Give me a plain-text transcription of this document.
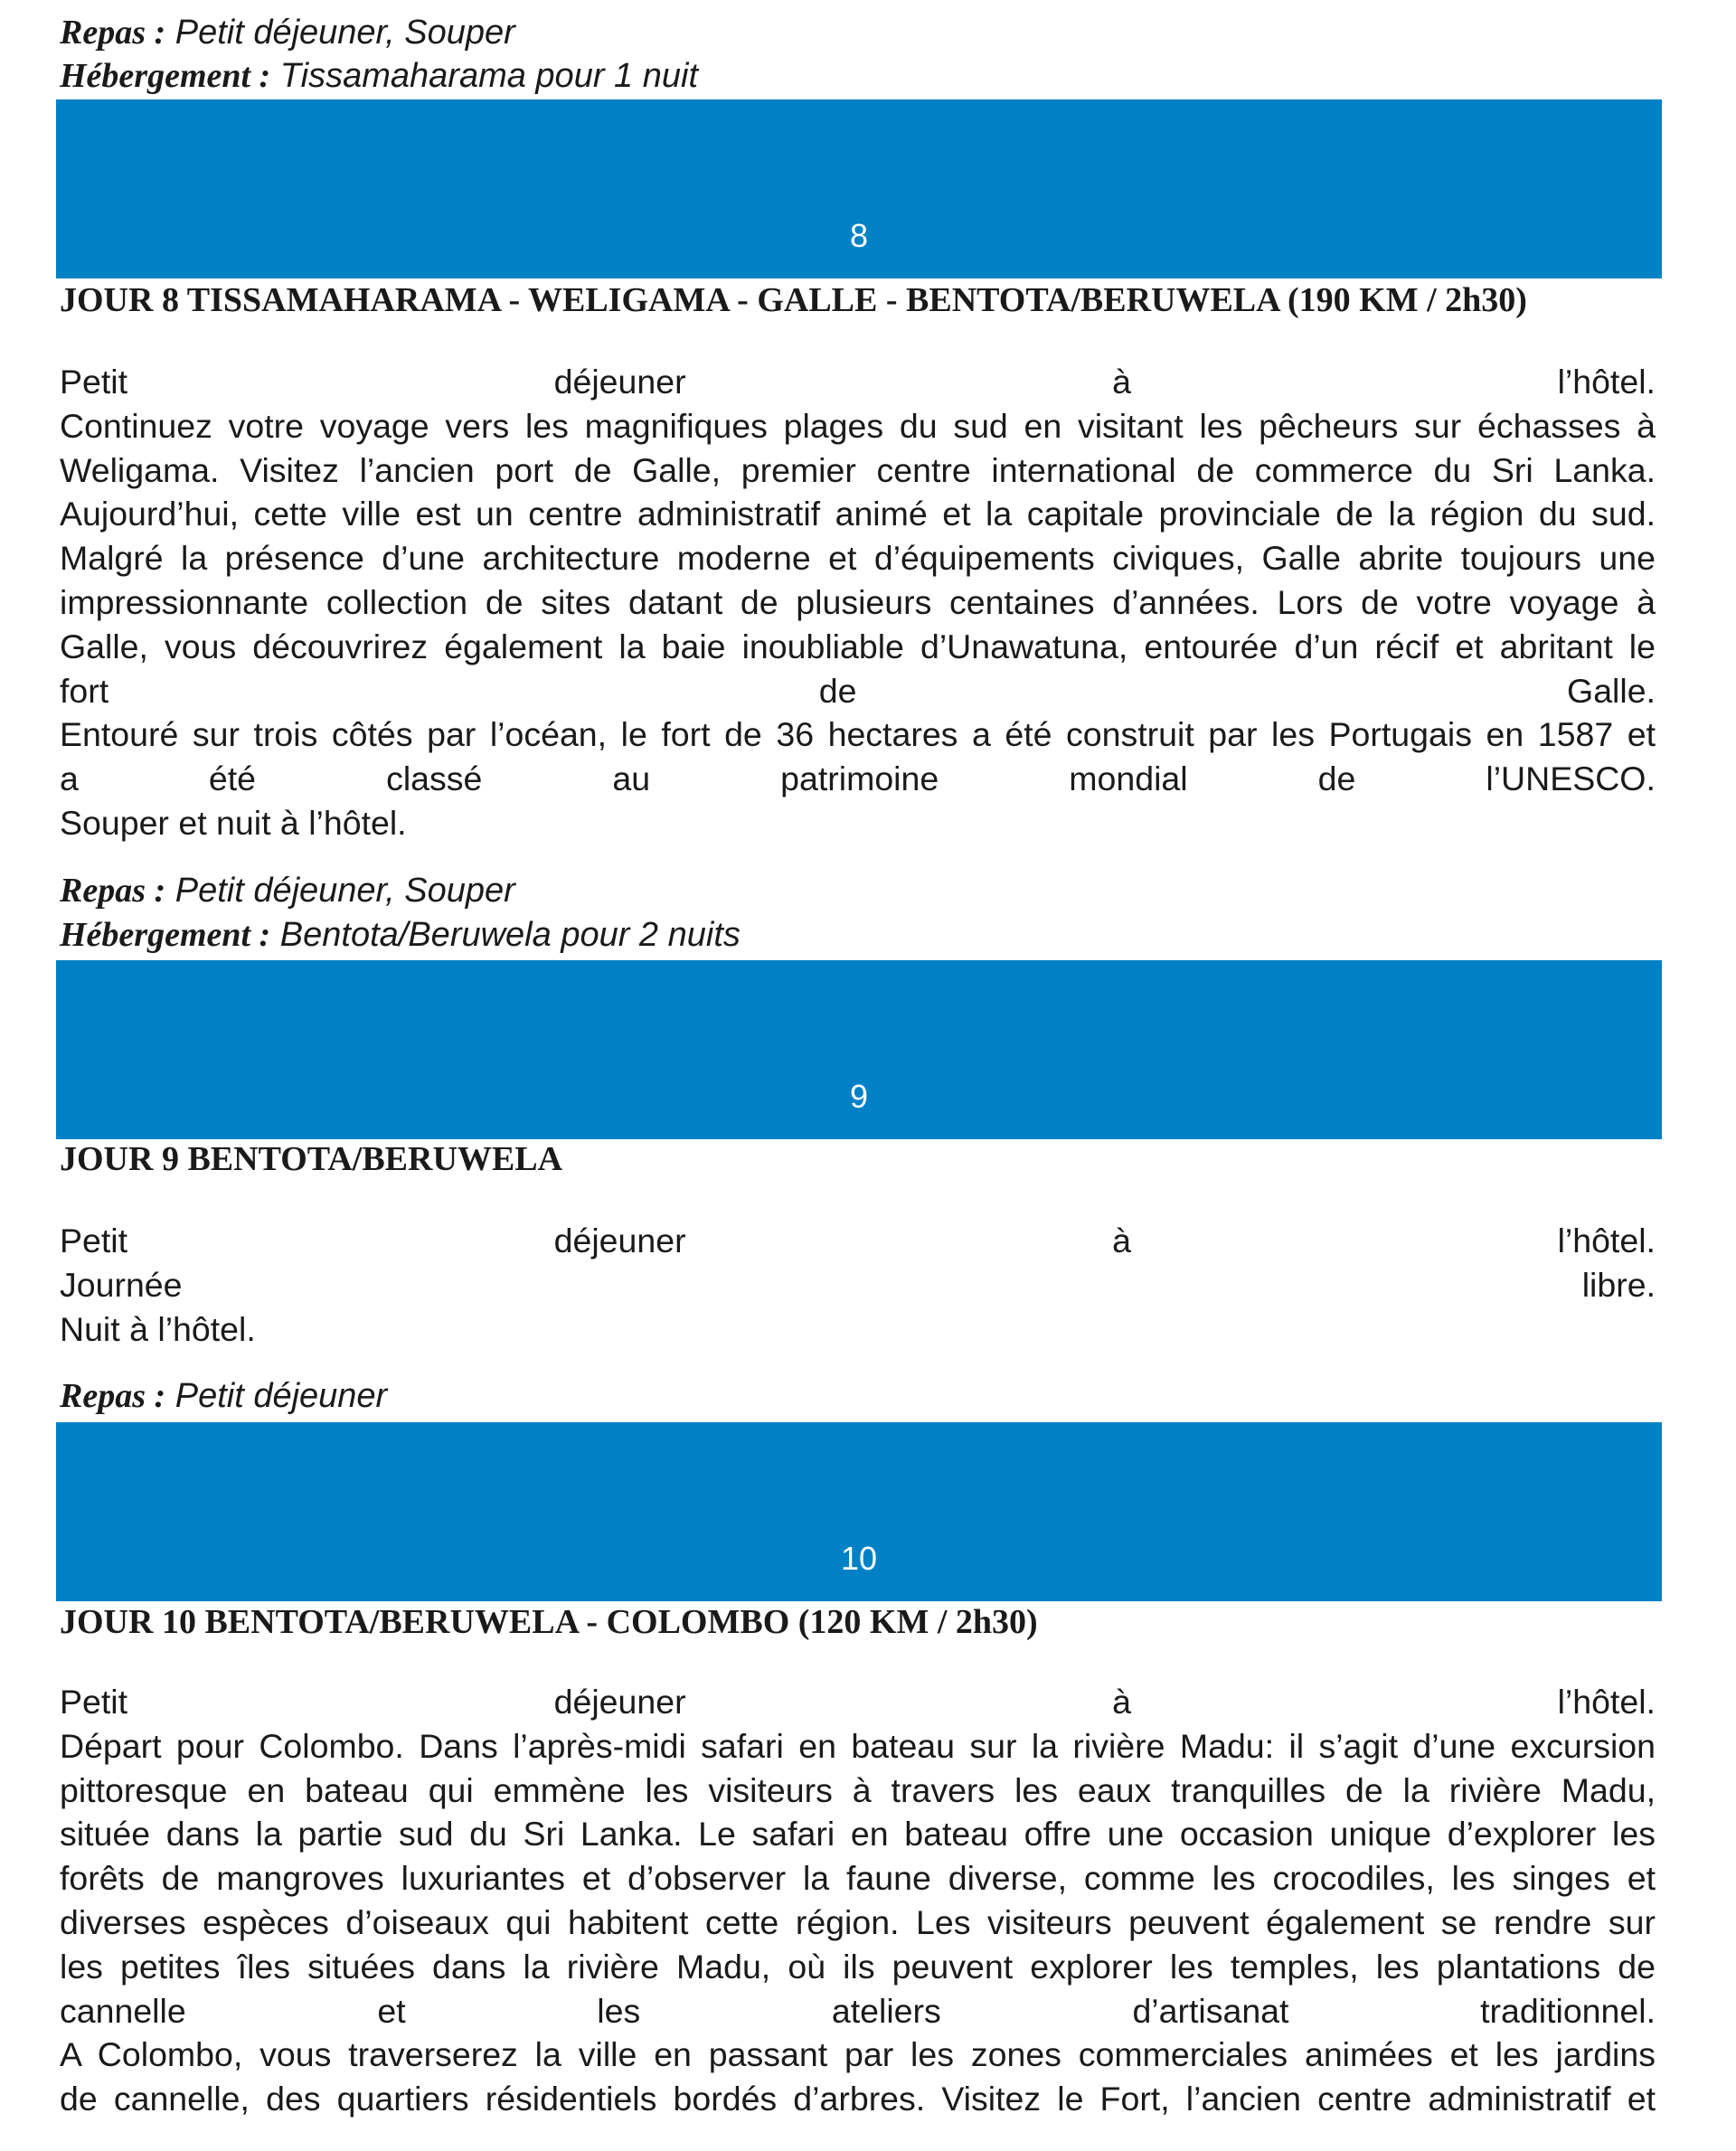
Repas : Petit déjeuner, Souper
Hébergement : Tissamaharama pour 1 nuit
8
JOUR 8 TISSAMAHARAMA - WELIGAMA - GALLE - BENTOTA/BERUWELA (190 KM / 2h30)
Petit	déjeuner	à	l’hôtel.
Continuez votre voyage vers les magnifiques plages du sud en visitant les pêcheurs sur échasses à
Weligama. Visitez l’ancien port de Galle, premier centre international de commerce du Sri Lanka.
Aujourd’hui, cette ville est un centre administratif animé et la capitale provinciale de la région du sud.
Malgré la présence d’une architecture moderne et d’équipements civiques, Galle abrite toujours une
impressionnante collection de sites datant de plusieurs centaines d’années. Lors de votre voyage à
Galle, vous découvrirez également la baie inoubliable d’Unawatuna, entourée d’un récif et abritant le
fort	de	Galle.
Entouré sur trois côtés par l’océan, le fort de 36 hectares a été construit par les Portugais en 1587 et
a	été	classé	au	patrimoine	mondial	de	l’UNESCO.
Souper et nuit à l’hôtel.
Repas : Petit déjeuner, Souper
Hébergement : Bentota/Beruwela pour 2 nuits
9
JOUR 9 BENTOTA/BERUWELA
Petit	déjeuner	à	l’hôtel.
Journée	libre.
Nuit à l’hôtel.
Repas : Petit déjeuner
10
JOUR 10 BENTOTA/BERUWELA - COLOMBO (120 KM / 2h30)
Petit	déjeuner	à	l’hôtel.
Départ pour Colombo. Dans l’après-midi safari en bateau sur la rivière Madu: il s’agit d’une excursion
pittoresque en bateau qui emmène les visiteurs à travers les eaux tranquilles de la rivière Madu,
située dans la partie sud du Sri Lanka. Le safari en bateau offre une occasion unique d’explorer les
forêts de mangroves luxuriantes et d’observer la faune diverse, comme les crocodiles, les singes et
diverses espèces d’oiseaux qui habitent cette région. Les visiteurs peuvent également se rendre sur
les petites îles situées dans la rivière Madu, où ils peuvent explorer les temples, les plantations de
cannelle	et	les	ateliers	d’artisanat	traditionnel.
A Colombo, vous traverserez la ville en passant par les zones commerciales animées et les jardins
de cannelle, des quartiers résidentiels bordés d’arbres. Visitez le Fort, l’ancien centre administratif et
